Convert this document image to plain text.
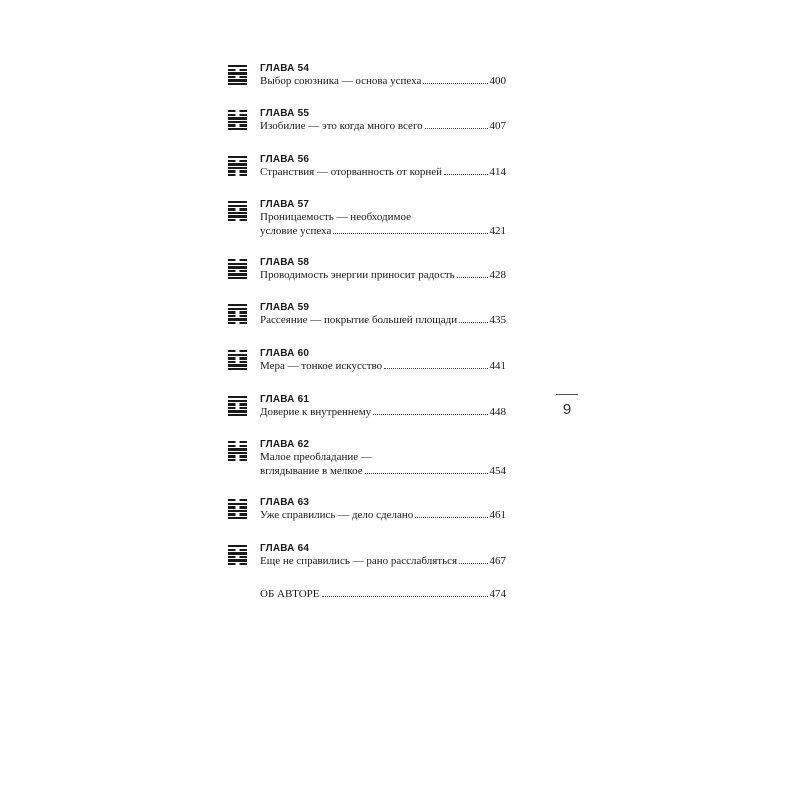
ГЛАВА 54
Выбор союзника — основа успеха	400
ГЛАВА 55
Изобилие — это когда много всего	407
ГЛАВА 56
Странствия — оторванность от корней	414
ГЛАВА 57
Проницаемость — необходимое
условие успеха	421
ГЛАВА 58
Проводимость энергии приносит радость	428
ГЛАВА 59
Рассеяние — покрытие большей площади	435
ГЛАВА 60
Мера — тонкое искусство	441
ГЛАВА 61
Доверие к внутреннему	448
ГЛАВА 62
Малое преобладание —
вглядывание в мелкое	454
ГЛАВА 63
Уже справились — дело сделано	461
ГЛАВА 64
Еще не справились — рано расслабляться	467
ОБ АВТОРЕ	474
9
